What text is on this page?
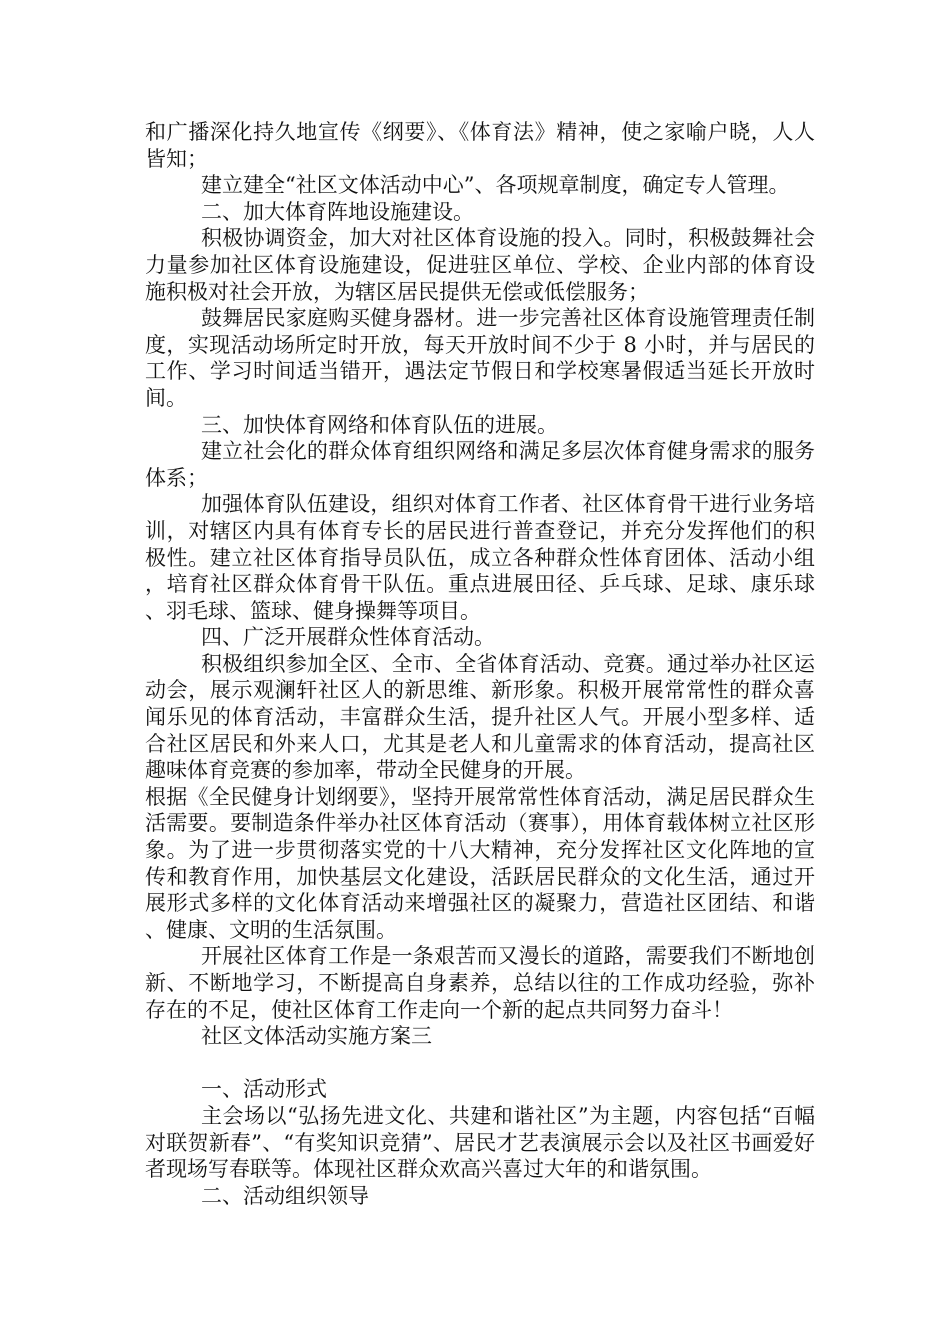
和广播深化持久地宣传《纲要》、《体育法》精神，使之家喻户晓，人人皆知；

建立建全“社区文体活动中心”、各项规章制度，确定专人管理。

二、加大体育阵地设施建设。

积极协调资金，加大对社区体育设施的投入。同时，积极鼓舞社会力量参加社区体育设施建设，促进驻区单位、学校、企业内部的体育设施积极对社会开放，为辖区居民提供无偿或低偿服务；

鼓舞居民家庭购买健身器材。进一步完善社区体育设施管理责任制度，实现活动场所定时开放，每天开放时间不少于 8 小时，并与居民的工作、学习时间适当错开，遇法定节假日和学校寒暑假适当延长开放时间。

三、加快体育网络和体育队伍的进展。

建立社会化的群众体育组织网络和满足多层次体育健身需求的服务体系；

加强体育队伍建设，组织对体育工作者、社区体育骨干进行业务培训，对辖区内具有体育专长的居民进行普查登记，并充分发挥他们的积极性。建立社区体育指导员队伍，成立各种群众性体育团体、活动小组，培育社区群众体育骨干队伍。重点进展田径、乒乓球、足球、康乐球、羽毛球、篮球、健身操舞等项目。

四、广泛开展群众性体育活动。

积极组织参加全区、全市、全省体育活动、竞赛。通过举办社区运动会，展示观澜轩社区人的新思维、新形象。积极开展常常性的群众喜闻乐见的体育活动，丰富群众生活，提升社区人气。开展小型多样、适合社区居民和外来人口，尤其是老人和儿童需求的体育活动，提高社区趣味体育竞赛的参加率，带动全民健身的开展。

根据《全民健身计划纲要》，坚持开展常常性体育活动，满足居民群众生活需要。要制造条件举办社区体育活动（赛事），用体育载体树立社区形象。为了进一步贯彻落实党的十八大精神，充分发挥社区文化阵地的宣传和教育作用，加快基层文化建设，活跃居民群众的文化生活，通过开展形式多样的文化体育活动来增强社区的凝聚力，营造社区团结、和谐、健康、文明的生活氛围。

开展社区体育工作是一条艰苦而又漫长的道路，需要我们不断地创新、不断地学习，不断提高自身素养，总结以往的工作成功经验，弥补存在的不足，使社区体育工作走向一个新的起点共同努力奋斗！

社区文体活动实施方案三

一、活动形式

主会场以“弘扬先进文化、共建和谐社区”为主题，内容包括“百幅对联贺新春”、“有奖知识竞猜”、居民才艺表演展示会以及社区书画爱好者现场写春联等。体现社区群众欢高兴喜过大年的和谐氛围。

二、活动组织领导
